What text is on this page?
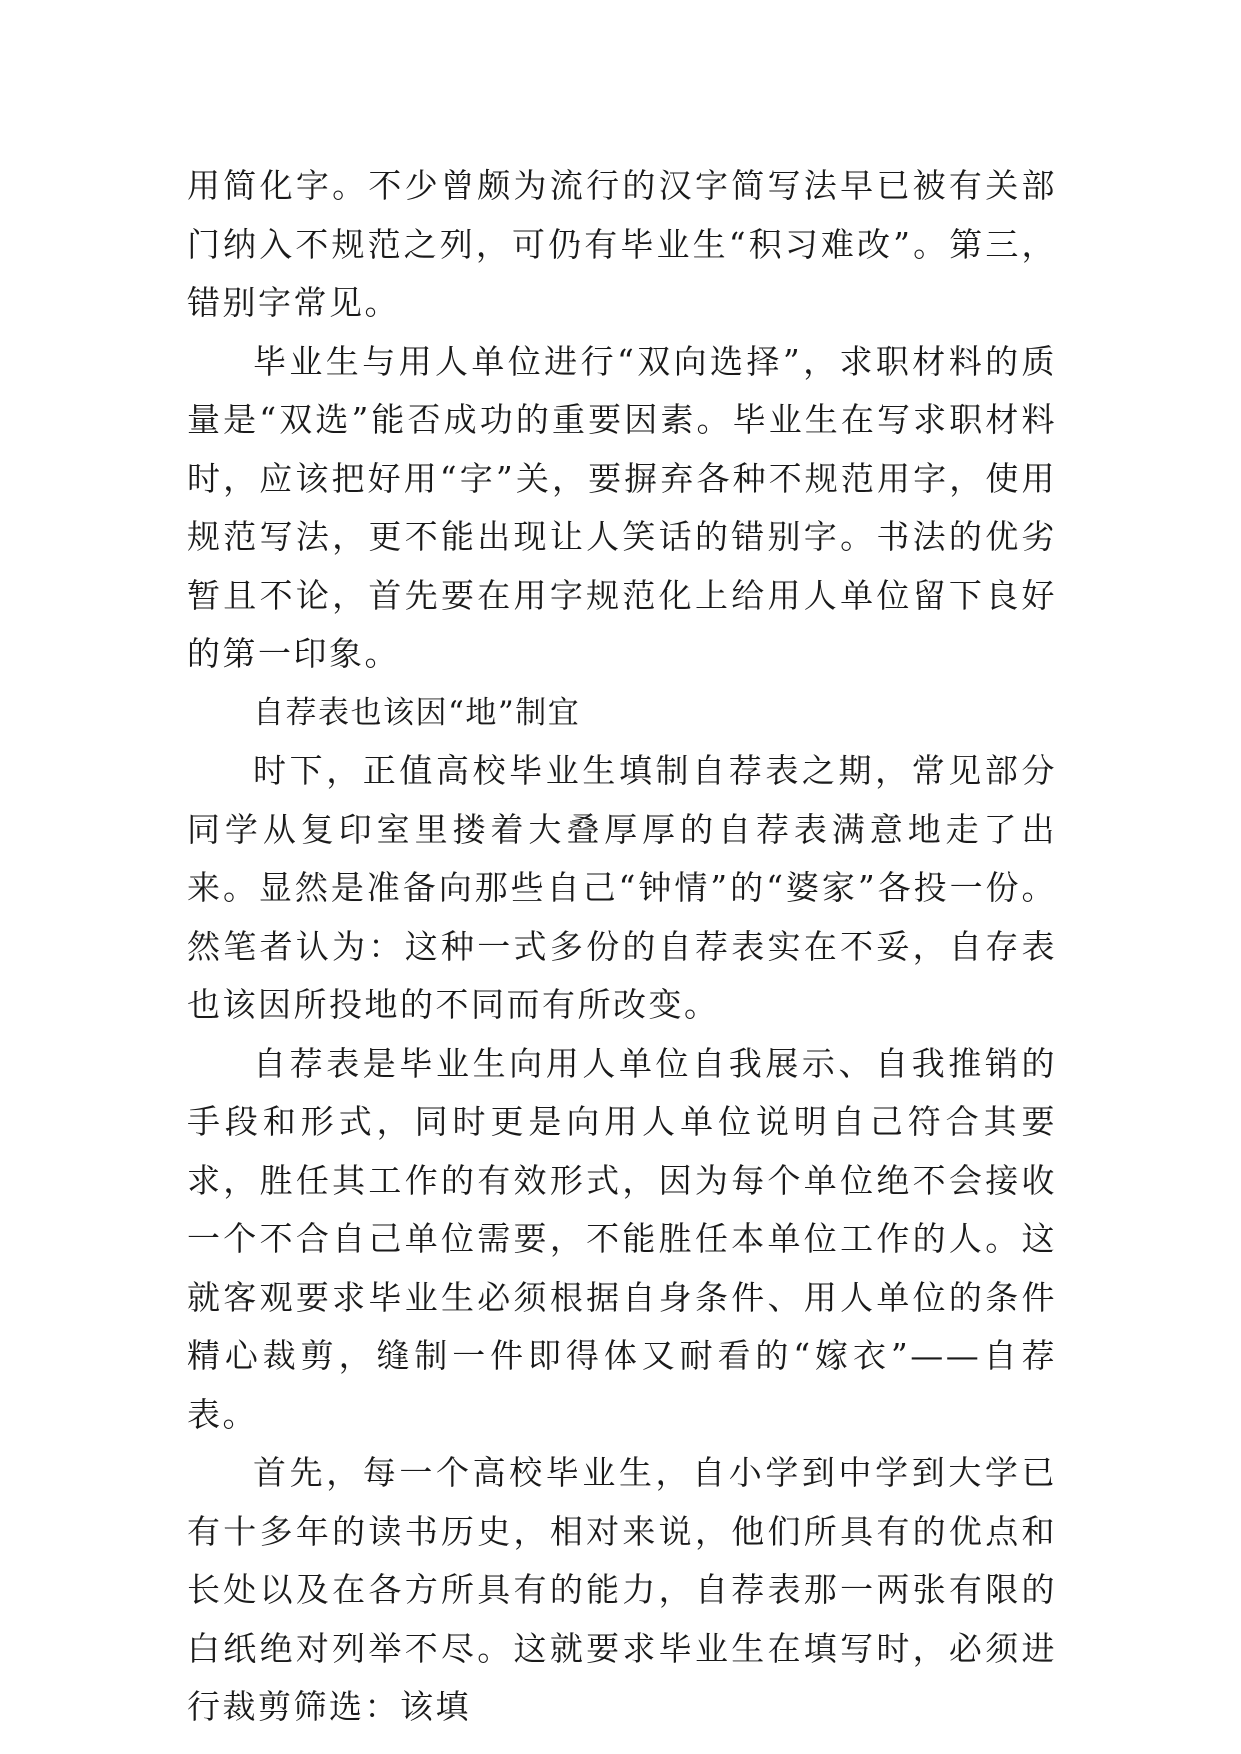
用简化字。不少曾颇为流行的汉字简写法早已被有关部门纳入不规范之列，可仍有毕业生“积习难改”。第三，错别字常见。

毕业生与用人单位进行“双向选择”，求职材料的质量是“双选”能否成功的重要因素。毕业生在写求职材料时，应该把好用“字”关，要摒弃各种不规范用字，使用规范写法，更不能出现让人笑话的错别字。书法的优劣暂且不论，首先要在用字规范化上给用人单位留下良好的第一印象。

自荐表也该因“地”制宜

时下，正值高校毕业生填制自荐表之期，常见部分同学从复印室里搂着大叠厚厚的自荐表满意地走了出来。显然是准备向那些自己“钟情”的“婆家”各投一份。然笔者认为：这种一式多份的自荐表实在不妥，自存表也该因所投地的不同而有所改变。

自荐表是毕业生向用人单位自我展示、自我推销的手段和形式，同时更是向用人单位说明自己符合其要求，胜任其工作的有效形式，因为每个单位绝不会接收一个不合自己单位需要，不能胜任本单位工作的人。这就客观要求毕业生必须根据自身条件、用人单位的条件精心裁剪，缝制一件即得体又耐看的“嫁衣”——自荐表。

首先，每一个高校毕业生，自小学到中学到大学已有十多年的读书历史，相对来说，他们所具有的优点和长处以及在各方所具有的能力，自荐表那一两张有限的白纸绝对列举不尽。这就要求毕业生在填写时，必须进行裁剪筛选：该填
